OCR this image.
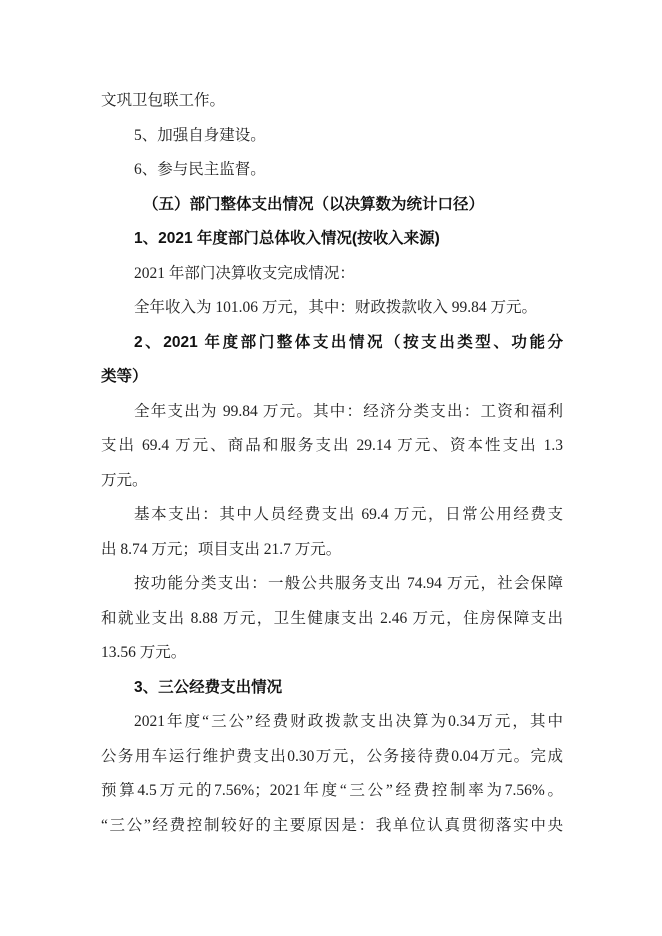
文巩卫包联工作。
5、加强自身建设。
6、参与民主监督。
（五）部门整体支出情况（以决算数为统计口径）
1、2021 年度部门总体收入情况(按收入来源)
2021 年部门决算收支完成情况：
全年收入为 101.06 万元，其中：财政拨款收入 99.84 万元。
2、2021 年度部门整体支出情况（按支出类型、功能分
类等）
全年支出为 99.84 万元。其中：经济分类支出：工资和福利
支出 69.4 万元、商品和服务支出 29.14 万元、资本性支出 1.3
万元。
基本支出：其中人员经费支出 69.4 万元，日常公用经费支
出 8.74 万元；项目支出 21.7 万元。
按功能分类支出：一般公共服务支出 74.94 万元，社会保障
和就业支出 8.88 万元，卫生健康支出 2.46 万元，住房保障支出
13.56 万元。
3、三公经费支出情况
2021年度“三公”经费财政拨款支出决算为0.34万元，其中
公务用车运行维护费支出0.30万元，公务接待费0.04万元。完成
预算4.5万元的7.56%；2021年度“三公”经费控制率为7.56%。
“三公”经费控制较好的主要原因是：我单位认真贯彻落实中央
